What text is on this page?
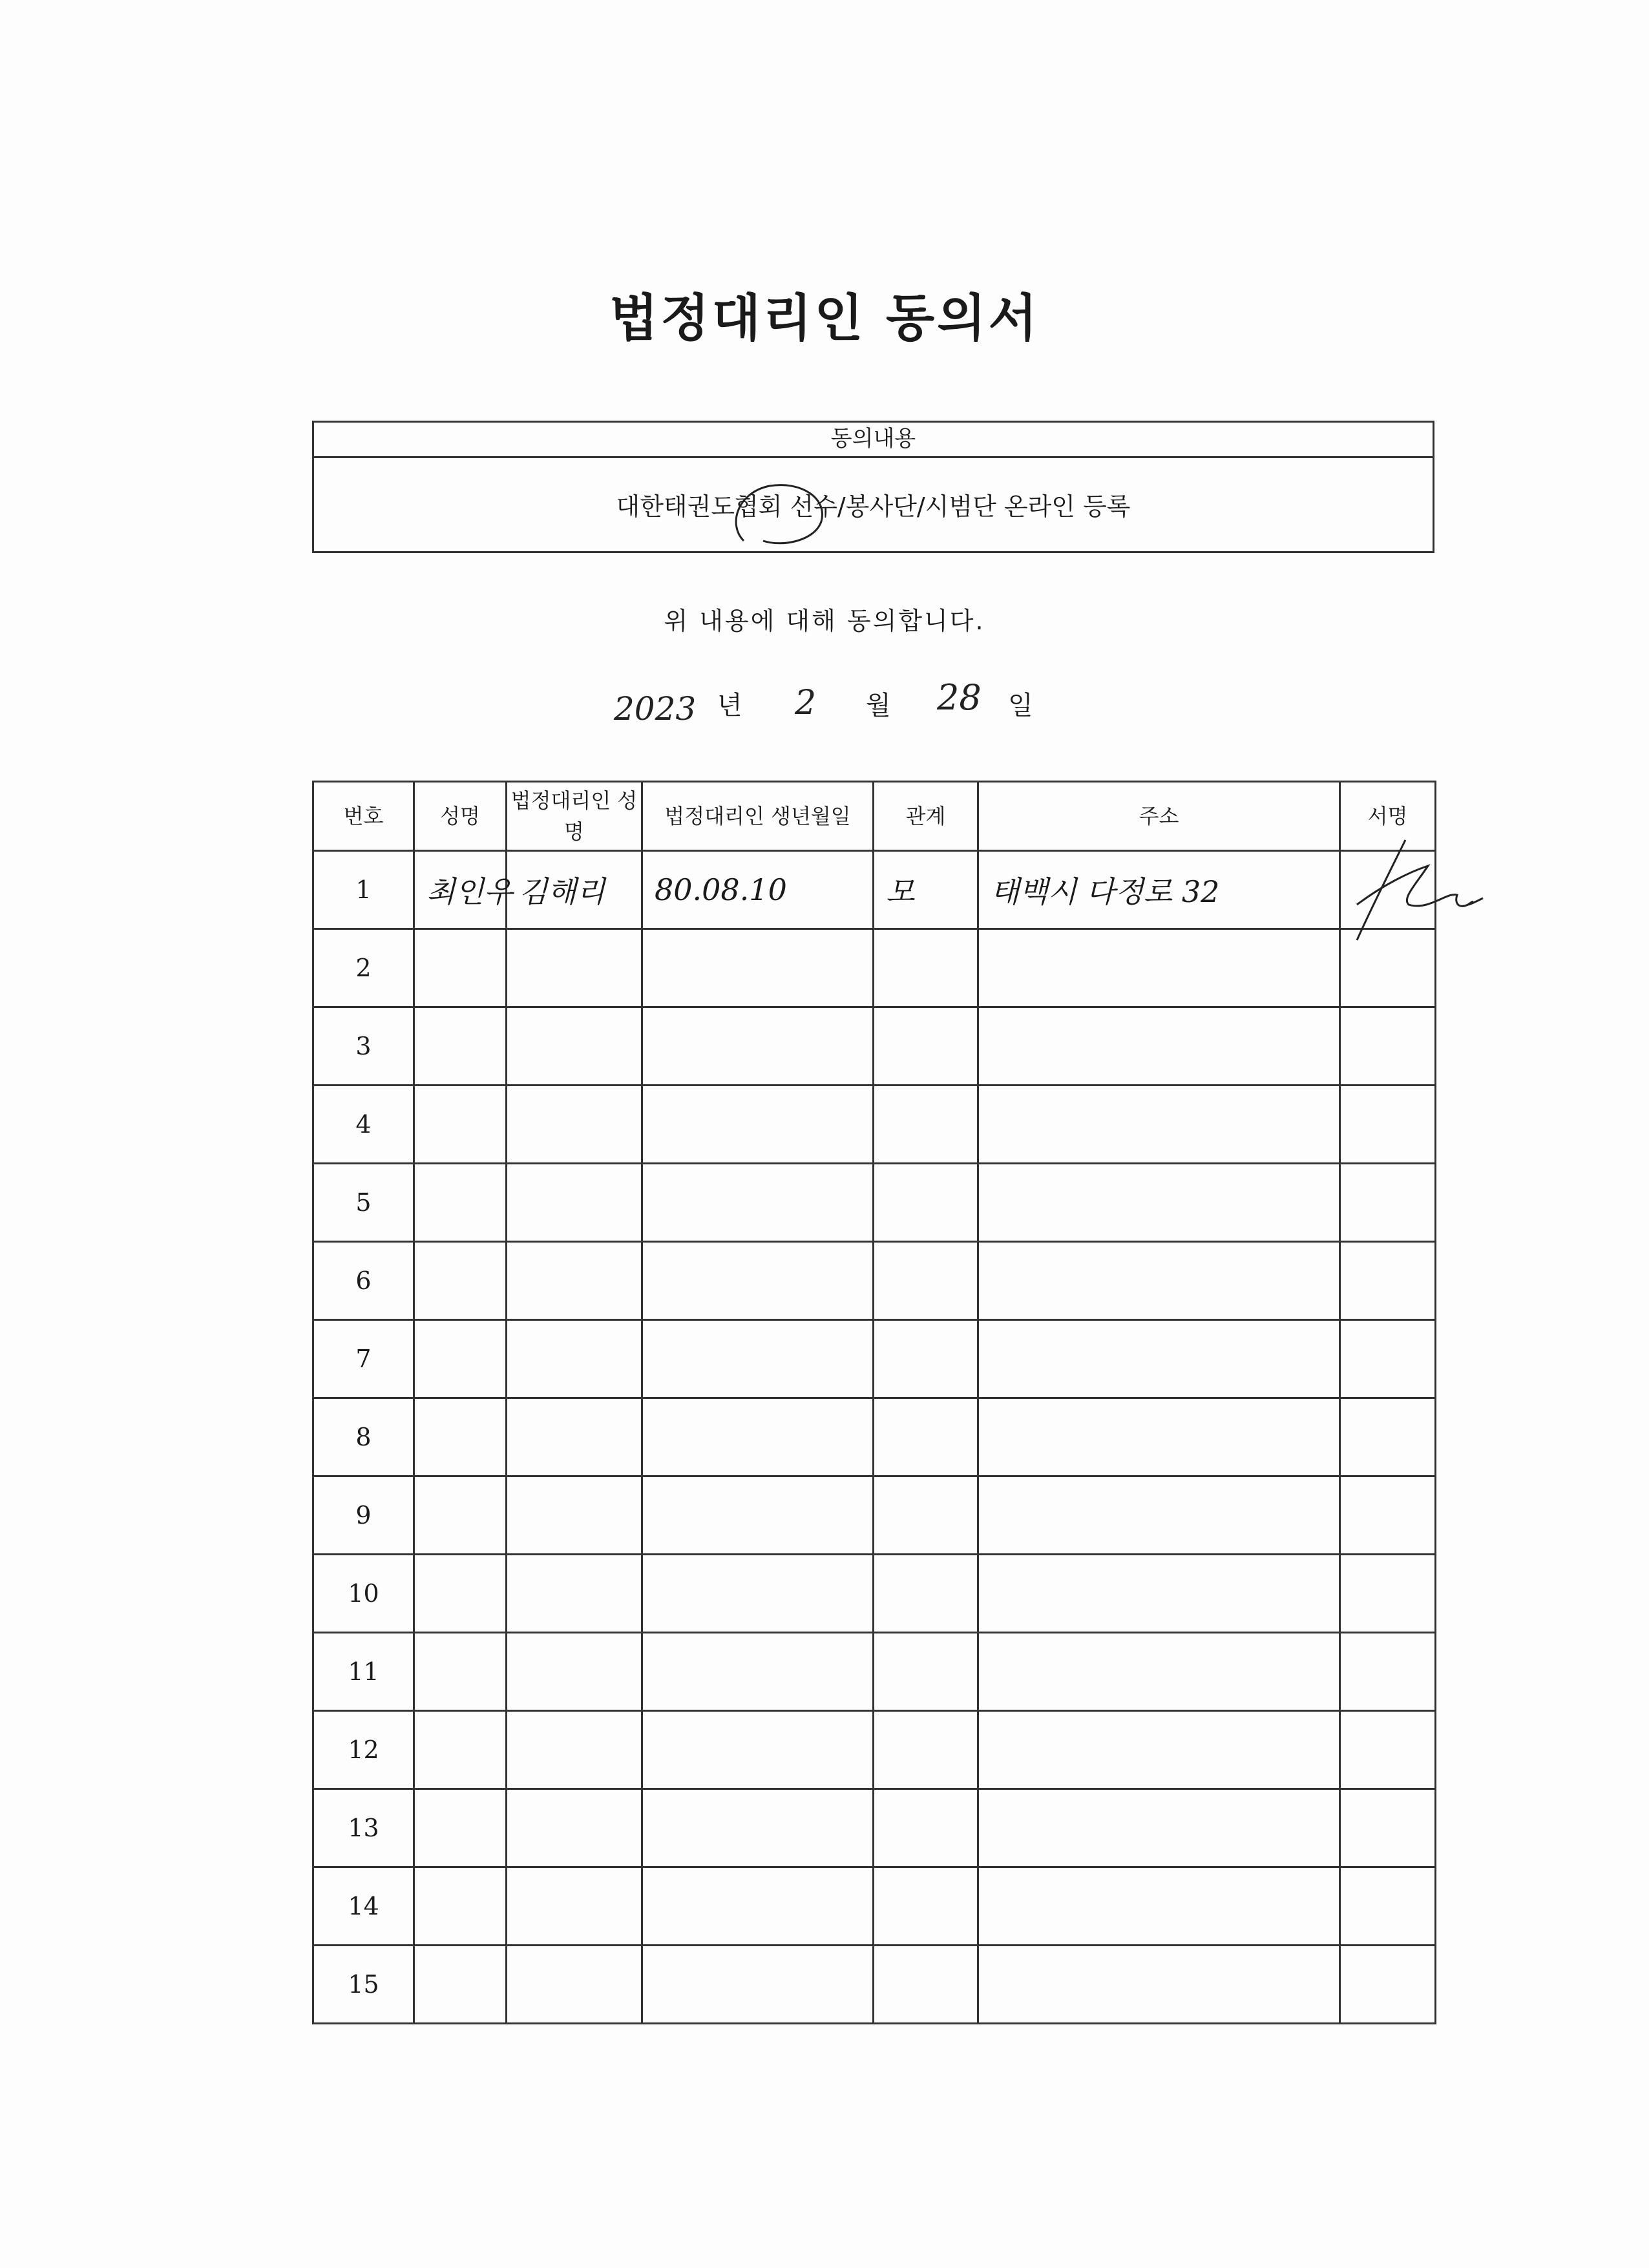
법정대리인 동의서
동의내용
대한태권도협회 선수/봉사단/시범단 온라인 등록
위 내용에 대해 동의합니다.
2023 년 2 월 28 일
번호	성명	법정대리인 성명	법정대리인 생년월일	관계	주소	서명
1	최인우	김해리	80.08.10	모	태백시 다정로 32	
2						
3						
4						
5						
6						
7						
8						
9						
10						
11						
12						
13						
14						
15						
